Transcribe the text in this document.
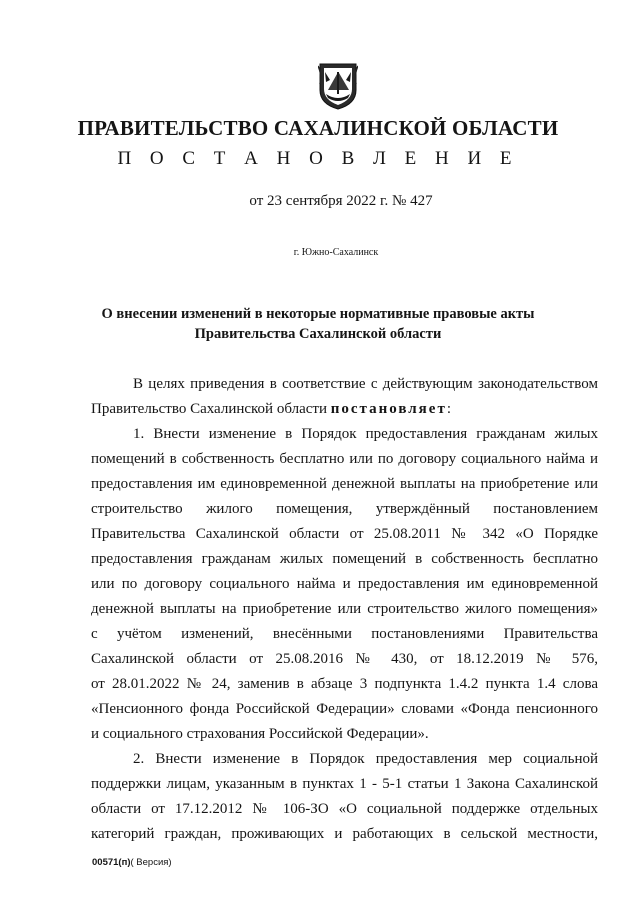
ПРАВИТЕЛЬСТВО САХАЛИНСКОЙ ОБЛАСТИ
П О С Т А Н О В Л Е Н И Е
от 23 сентября 2022 г. № 427
г. Южно-Сахалинск
О внесении изменений в некоторые нормативные правовые акты
Правительства Сахалинской области
В целях приведения в соответствие с действующим законодательством
Правительство Сахалинской области постановляет:
1. Внести изменение в Порядок предоставления гражданам жилых
помещений в собственность бесплатно или по договору социального найма и
предоставления им единовременной денежной выплаты на приобретение или
строительство жилого помещения, утверждённый постановлением
Правительства Сахалинской области от 25.08.2011 № 342 «О Порядке
предоставления гражданам жилых помещений в собственность бесплатно
или по договору социального найма и предоставления им единовременной
денежной выплаты на приобретение или строительство жилого помещения»
с учётом изменений, внесёнными постановлениями Правительства
Сахалинской области от 25.08.2016 № 430, от 18.12.2019 № 576,
от 28.01.2022 № 24, заменив в абзаце 3 подпункта 1.4.2 пункта 1.4 слова
«Пенсионного фонда Российской Федерации» словами «Фонда пенсионного
и социального страхования Российской Федерации».
2. Внести изменение в Порядок предоставления мер социальной
поддержки лицам, указанным в пунктах 1 - 5-1 статьи 1 Закона Сахалинской
области от 17.12.2012 № 106-ЗО «О социальной поддержке отдельных
категорий граждан, проживающих и работающих в сельской местности,
00571(п)( Версия)
